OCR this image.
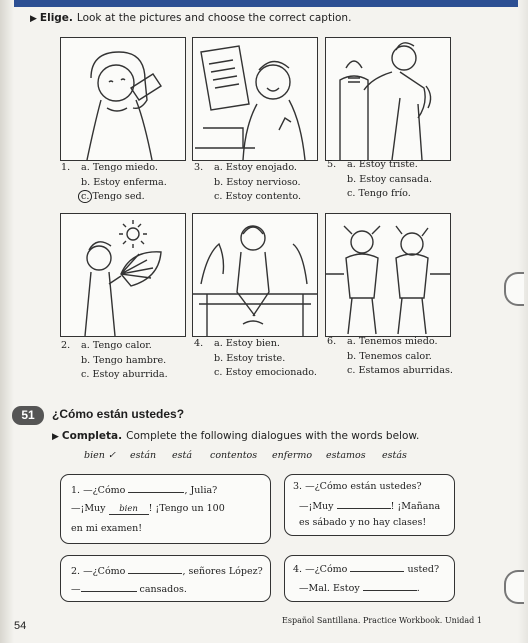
▶ Elige. Look at the pictures and choose the correct caption.
1. a. Tengo miedo.
b. Estoy enferma.
c. Tengo sed.
3. a. Estoy enojado.
b. Estoy nervioso.
c. Estoy contento.
5. a. Estoy triste.
b. Estoy cansada.
c. Tengo frío.
2. a. Tengo calor.
b. Tengo hambre.
c. Estoy aburrida.
4. a. Estoy bien.
b. Estoy triste.
c. Estoy emocionado.
6. a. Tenemos miedo.
b. Tenemos calor.
c. Estamos aburridas.
51	¿Cómo están ustedes?
▶ Completa. Complete the following dialogues with the words below.
bien ✓ están está contentos enfermo estamos estás
1. —¿Cómo	, Julia?
—¡Muy bien ! ¡Tengo un 100
en mi examen!
3. —¿Cómo están ustedes?
—¡Muy	! ¡Mañana
es sábado y no hay clases!
2. —¿Cómo	, señores López?
—	cansados.
4. —¿Cómo	usted?
—Mal. Estoy	.
54	Español Santillana. Practice Workbook. Unidad 1
